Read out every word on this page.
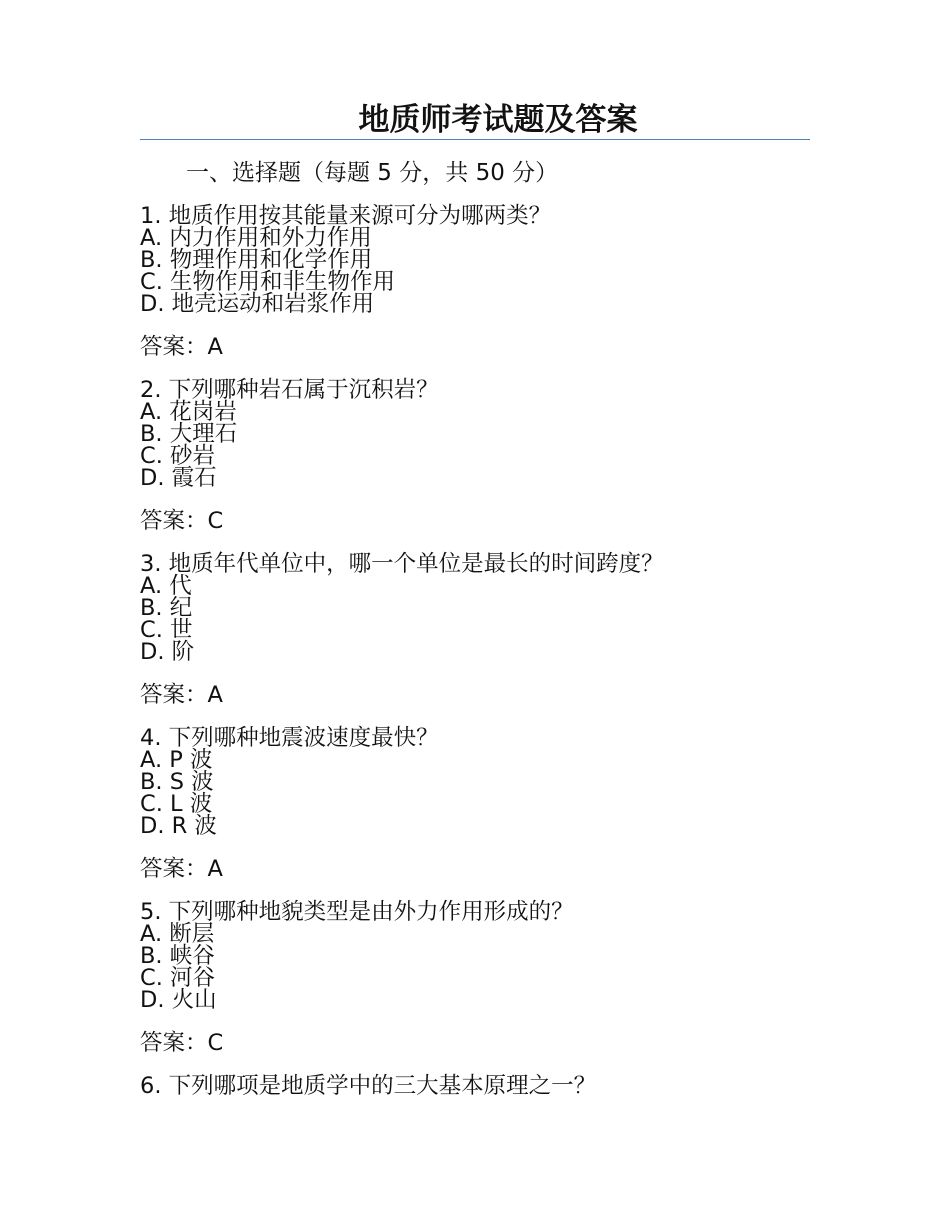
地质师考试题及答案
一、选择题（每题 5 分，共 50 分）
1. 地质作用按其能量来源可分为哪两类？
A. 内力作用和外力作用
B. 物理作用和化学作用
C. 生物作用和非生物作用
D. 地壳运动和岩浆作用
答案：A
2. 下列哪种岩石属于沉积岩？
A. 花岗岩
B. 大理石
C. 砂岩
D. 霞石
答案：C
3. 地质年代单位中，哪一个单位是最长的时间跨度？
A. 代
B. 纪
C. 世
D. 阶
答案：A
4. 下列哪种地震波速度最快？
A. P 波
B. S 波
C. L 波
D. R 波
答案：A
5. 下列哪种地貌类型是由外力作用形成的？
A. 断层
B. 峡谷
C. 河谷
D. 火山
答案：C
6. 下列哪项是地质学中的三大基本原理之一？
